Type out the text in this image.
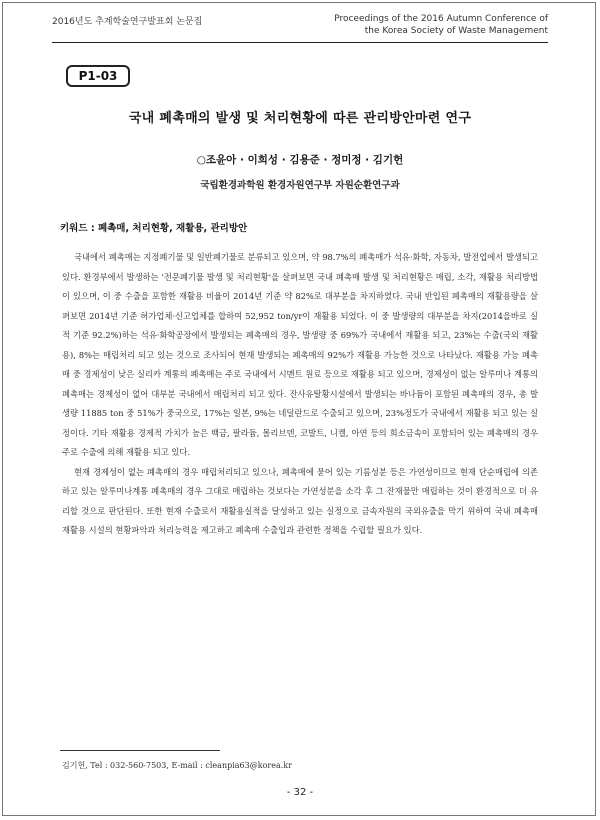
2016년도 추계학술연구발표회 논문집	Proceedings of the 2016 Autumn Conference of
the Korea Society of Waste Management
P1-03
국내 폐촉매의 발생 및 처리현황에 따른 관리방안마련 연구
○조윤아 · 이희성 · 김용준 · 정미정 · 김기헌
국립환경과학원 환경자원연구부 자원순환연구과
키워드 : 폐촉매, 처리현황, 재활용, 관리방안

국내에서 폐촉매는 지정폐기물 및 일반폐기물로 분류되고 있으며, 약 98.7%의 폐촉매가 석유·화학, 자동차, 발전업에서 발생되고 있다. 환경부에서 발생하는 '전문폐기물 발생 및 처리현황'을 살펴보면 국내 폐촉매 발생 및 처리현황은 매립, 소각, 재활용 처리방법이 있으며, 이 중 수출을 포함한 재활용 비율이 2014년 기준 약 82%로 대부분을 차지하였다. 국내 반입된 폐촉매의 재활용량을 살펴보면 2014년 기준 허가업체·신고업체를 합하여 52,952 ton/yr이 재활용 되었다. 이 중 발생량의 대부분을 차지(2014을바로 실적 기준 92.2%)하는 석유·화학공장에서 발생되는 폐촉매의 경우, 발생량 중 69%가 국내에서 재활용 되고, 23%는 수출(국외 재활용), 8%는 매립처리 되고 있는 것으로 조사되어 현재 발생되는 폐촉매의 92%가 재활용 가능한 것으로 나타났다. 재활용 가능 폐촉매 중 경제성이 낮은 실리카 계통의 폐촉매는 주로 국내에서 시멘트 원료 등으로 재활용 되고 있으며, 경제성이 없는 알루미나 계통의 폐촉매는 경제성이 없어 대부분 국내에서 매립처리 되고 있다. 잔사유탈황시설에서 발생되는 바나듐이 포함된 폐촉매의 경우, 총 발생량 11885 ton 중 51%가 중국으로, 17%는 일본, 9%는 네덜란드로 수출되고 있으며, 23%정도가 국내에서 재활용 되고 있는 실정이다. 기타 재활용 경제적 가치가 높은 백금, 팔라듐, 몰리브덴, 코발트, 니켈, 아연 등의 희소금속이 포함되어 있는 폐촉매의 경우 주로 수출에 의해 재활용 되고 있다.

현재 경제성이 없는 폐촉매의 경우 매립처리되고 있으나, 폐촉매에 묻어 있는 기름성분 등은 가연성이므로 현재 단순매립에 의존하고 있는 알루미나계통 폐촉매의 경우 그대로 매립하는 것보다는 가연성분을 소각 후 그 잔재물만 매립하는 것이 환경적으로 더 유리할 것으로 판단된다. 또한 현재 수출로서 재활용실적을 달성하고 있는 실정으로 금속자원의 국외유출을 막기 위하여 국내 폐촉매 재활용 시설의 현황파악과 처리능력을 제고하고 폐촉매 수출입과 관련한 정책을 수립할 필요가 있다.

김기헌, Tel : 032-560-7503, E-mail : cleanpia63@korea.kr
- 32 -
